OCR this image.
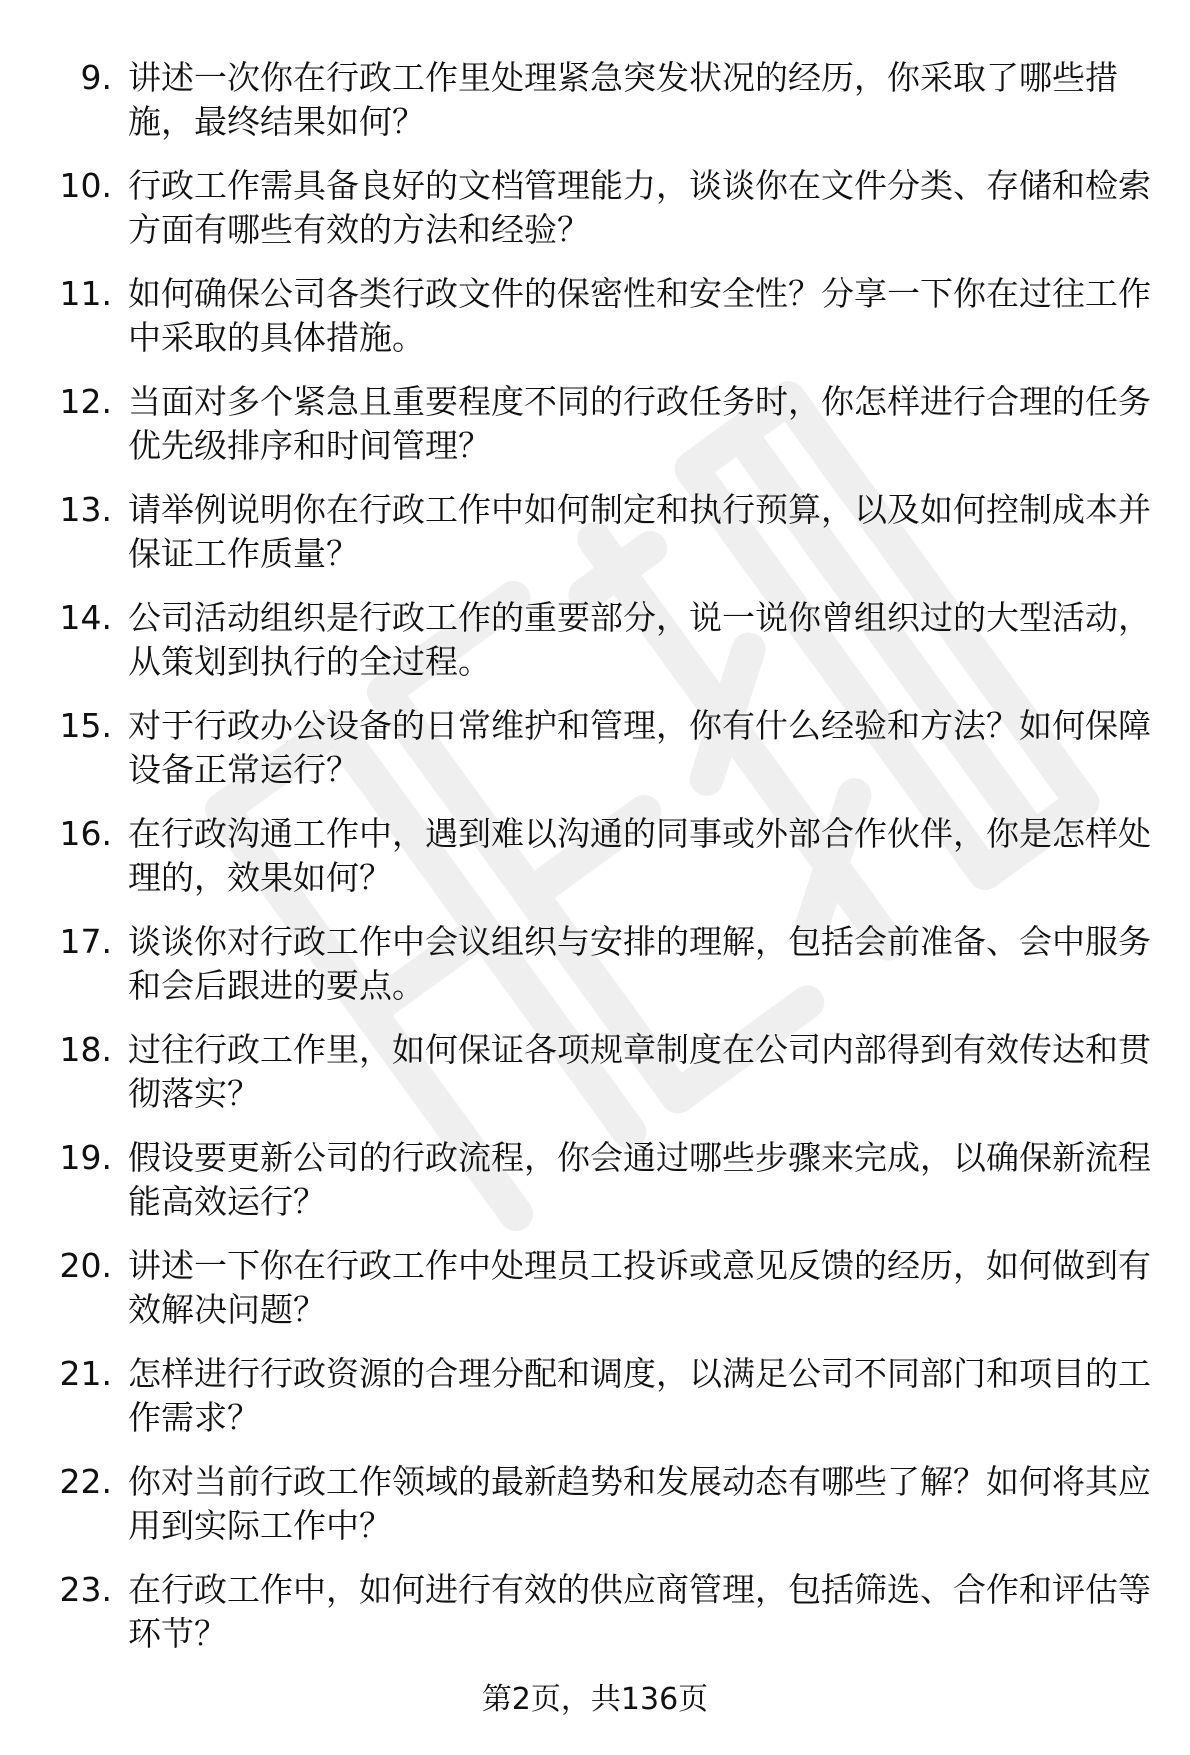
9. 讲述一次你在行政工作里处理紧急突发状况的经历，你采取了哪些措施，最终结果如何？
10. 行政工作需具备良好的文档管理能力，谈谈你在文件分类、存储和检索方面有哪些有效的方法和经验？
11. 如何确保公司各类行政文件的保密性和安全性？分享一下你在过往工作中采取的具体措施。
12. 当面对多个紧急且重要程度不同的行政任务时，你怎样进行合理的任务优先级排序和时间管理？
13. 请举例说明你在行政工作中如何制定和执行预算，以及如何控制成本并保证工作质量？
14. 公司活动组织是行政工作的重要部分，说一说你曾组织过的大型活动，从策划到执行的全过程。
15. 对于行政办公设备的日常维护和管理，你有什么经验和方法？如何保障设备正常运行？
16. 在行政沟通工作中，遇到难以沟通的同事或外部合作伙伴，你是怎样处理的，效果如何？
17. 谈谈你对行政工作中会议组织与安排的理解，包括会前准备、会中服务和会后跟进的要点。
18. 过往行政工作里，如何保证各项规章制度在公司内部得到有效传达和贯彻落实？
19. 假设要更新公司的行政流程，你会通过哪些步骤来完成，以确保新流程能高效运行？
20. 讲述一下你在行政工作中处理员工投诉或意见反馈的经历，如何做到有效解决问题？
21. 怎样进行行政资源的合理分配和调度，以满足公司不同部门和项目的工作需求？
22. 你对当前行政工作领域的最新趋势和发展动态有哪些了解？如何将其应用到实际工作中？
23. 在行政工作中，如何进行有效的供应商管理，包括筛选、合作和评估等环节？
第2页，共136页
